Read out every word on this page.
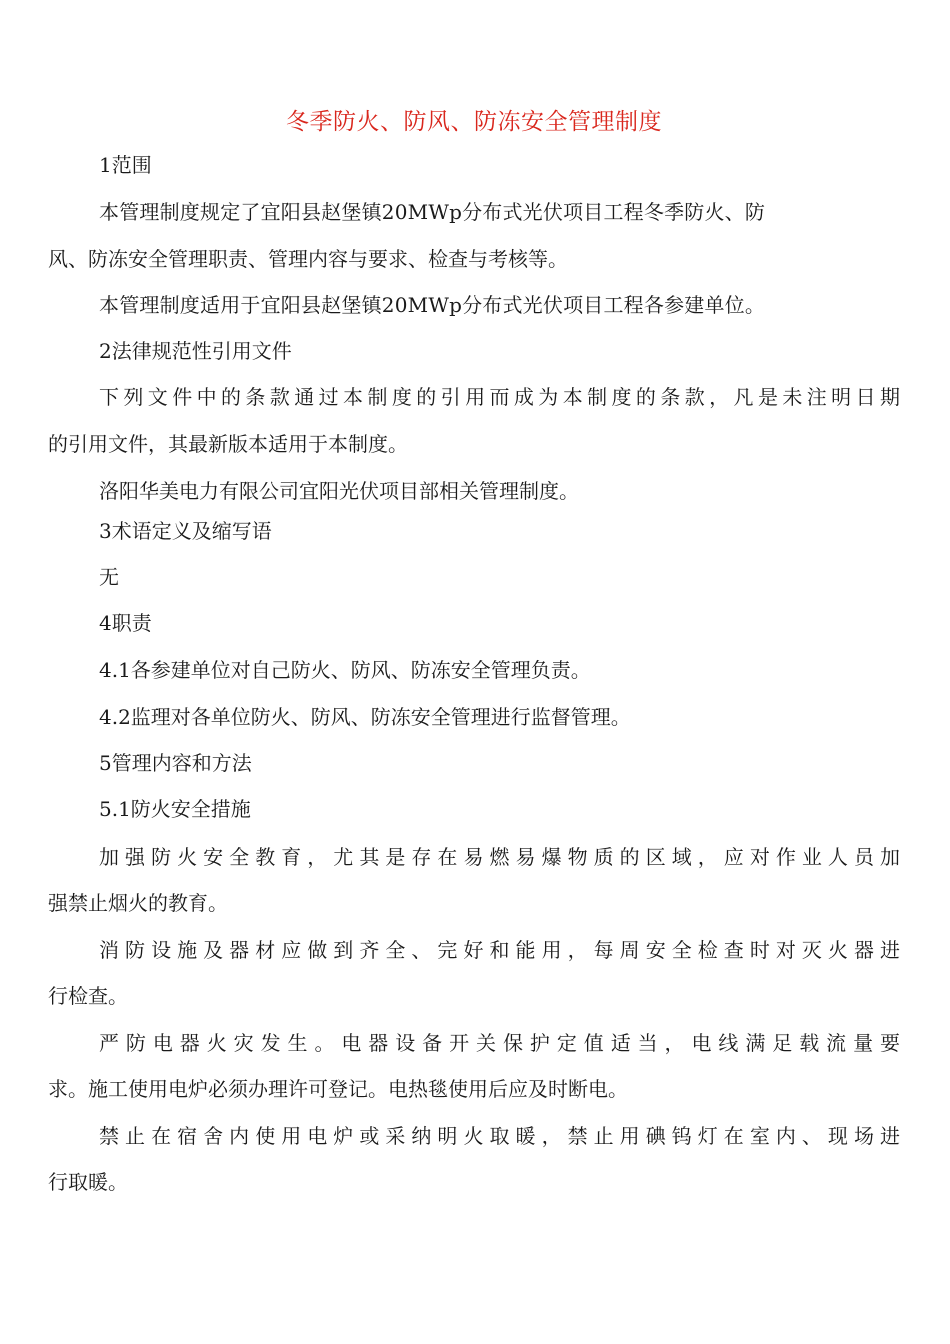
冬季防火、防风、防冻安全管理制度
1范围
本管理制度规定了宜阳县赵堡镇20MWp分布式光伏项目工程冬季防火、防
风、防冻安全管理职责、管理内容与要求、检查与考核等。
本管理制度适用于宜阳县赵堡镇20MWp分布式光伏项目工程各参建单位。
2法律规范性引用文件
下列文件中的条款通过本制度的引用而成为本制度的条款，凡是未注明日期
的引用文件，其最新版本适用于本制度。
洛阳华美电力有限公司宜阳光伏项目部相关管理制度。
3术语定义及缩写语
无
4职责
4.1各参建单位对自己防火、防风、防冻安全管理负责。
4.2监理对各单位防火、防风、防冻安全管理进行监督管理。
5管理内容和方法
5.1防火安全措施
加强防火安全教育，尤其是存在易燃易爆物质的区域，应对作业人员加
强禁止烟火的教育。
消防设施及器材应做到齐全、完好和能用，每周安全检查时对灭火器进
行检查。
严防电器火灾发生。电器设备开关保护定值适当，电线满足载流量要
求。施工使用电炉必须办理许可登记。电热毯使用后应及时断电。
禁止在宿舍内使用电炉或采纳明火取暖，禁止用碘钨灯在室内、现场进
行取暖。
